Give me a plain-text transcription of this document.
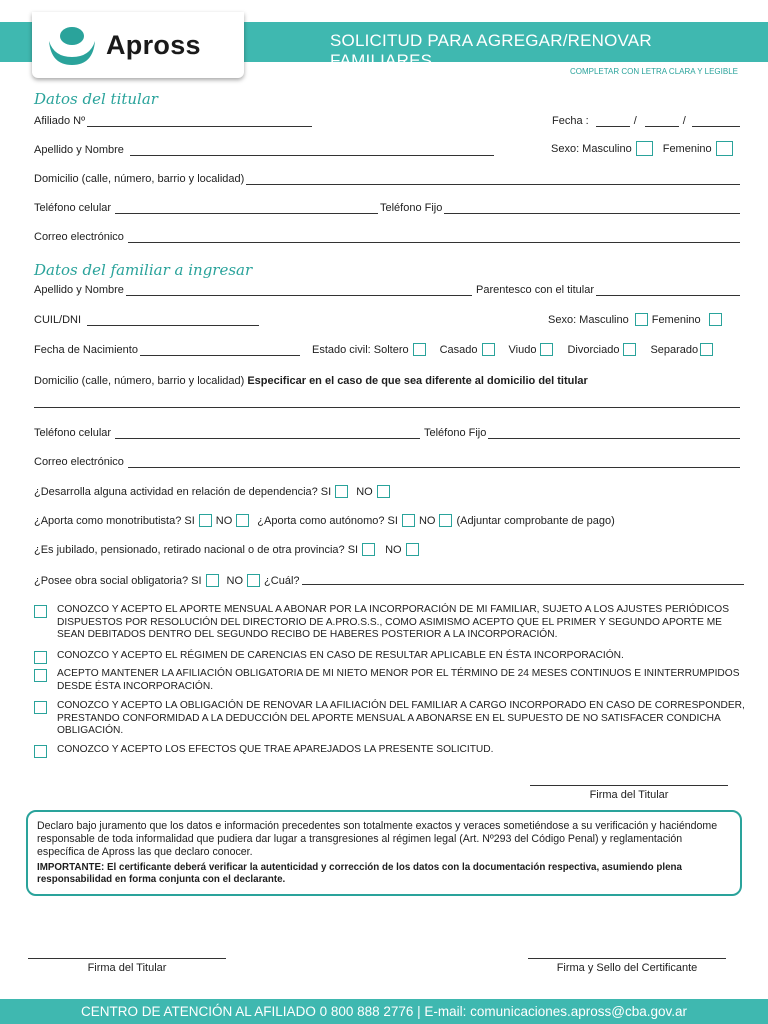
SOLICITUD PARA AGREGAR/RENOVAR FAMILIARES
Apross
COMPLETAR CON LETRA CLARA Y LEGIBLE
Datos del titular
Afiliado Nº	Fecha :	/	/
Apellido y Nombre	Sexo: Masculino	Femenino
Domicilio (calle, número, barrio y localidad)
Teléfono celular	Teléfono Fijo
Correo electrónico
Datos del familiar a ingresar
Apellido y Nombre	Parentesco con el titular
CUIL/DNI	Sexo: Masculino Femenino
Fecha de Nacimiento	Estado civil: Soltero	Casado	Viudo	Divorciado	Separado
Domicilio (calle, número, barrio y localidad) Especificar en el caso de que sea diferente al domicilio del titular
Teléfono celular	Teléfono Fijo
Correo electrónico
¿Desarrolla alguna actividad en relación de dependencia? SI NO
¿Aporta como monotributista? SI NO ¿Aporta como autónomo? SI NO (Adjuntar comprobante de pago)
¿Es jubilado, pensionado, retirado nacional o de otra provincia? SI NO
¿Posee obra social obligatoria? SI NO ¿Cuál?
CONOZCO Y ACEPTO EL APORTE MENSUAL A ABONAR POR LA INCORPORACIÓN DE MI FAMILIAR, SUJETO A LOS AJUSTES PERIÓDICOS DISPUESTOS POR RESOLUCIÓN DEL DIRECTORIO DE A.PRO.S.S., COMO ASIMISMO ACEPTO QUE EL PRIMER Y SEGUNDO APORTE ME SEAN DEBITADOS DENTRO DEL SEGUNDO RECIBO DE HABERES POSTERIOR A LA INCORPORACIÓN.
CONOZCO Y ACEPTO EL RÉGIMEN DE CARENCIAS EN CASO DE RESULTAR APLICABLE EN ÉSTA INCORPORACIÓN.
ACEPTO MANTENER LA AFILIACIÓN OBLIGATORIA DE MI NIETO MENOR POR EL TÉRMINO DE 24 MESES CONTINUOS E ININTERRUMPIDOS DESDE ÉSTA INCORPORACIÓN.
CONOZCO Y ACEPTO LA OBLIGACIÓN DE RENOVAR LA AFILIACIÓN DEL FAMILIAR A CARGO INCORPORADO EN CASO DE CORRESPONDER, PRESTANDO CONFORMIDAD A LA DEDUCCIÓN DEL APORTE MENSUAL A ABONARSE EN EL SUPUESTO DE NO SATISFACER CONDICHA OBLIGACIÓN.
CONOZCO Y ACEPTO LOS EFECTOS QUE TRAE APAREJADOS LA PRESENTE SOLICITUD.
Firma del Titular
Declaro bajo juramento que los datos e información precedentes son totalmente exactos y veraces sometiéndose a su verificación y haciéndome responsable de toda informalidad que pudiera dar lugar a transgresiones al régimen legal (Art. Nº293 del Código Penal) y reglamentación específica de Apross las que declaro conocer.
IMPORTANTE: El certificante deberá verificar la autenticidad y corrección de los datos con la documentación respectiva, asumiendo plena responsabilidad en forma conjunta con el declarante.
Firma del Titular	Firma y Sello del Certificante
CENTRO DE ATENCIÓN AL AFILIADO 0 800 888 2776 | E-mail: comunicaciones.apross@cba.gov.ar
